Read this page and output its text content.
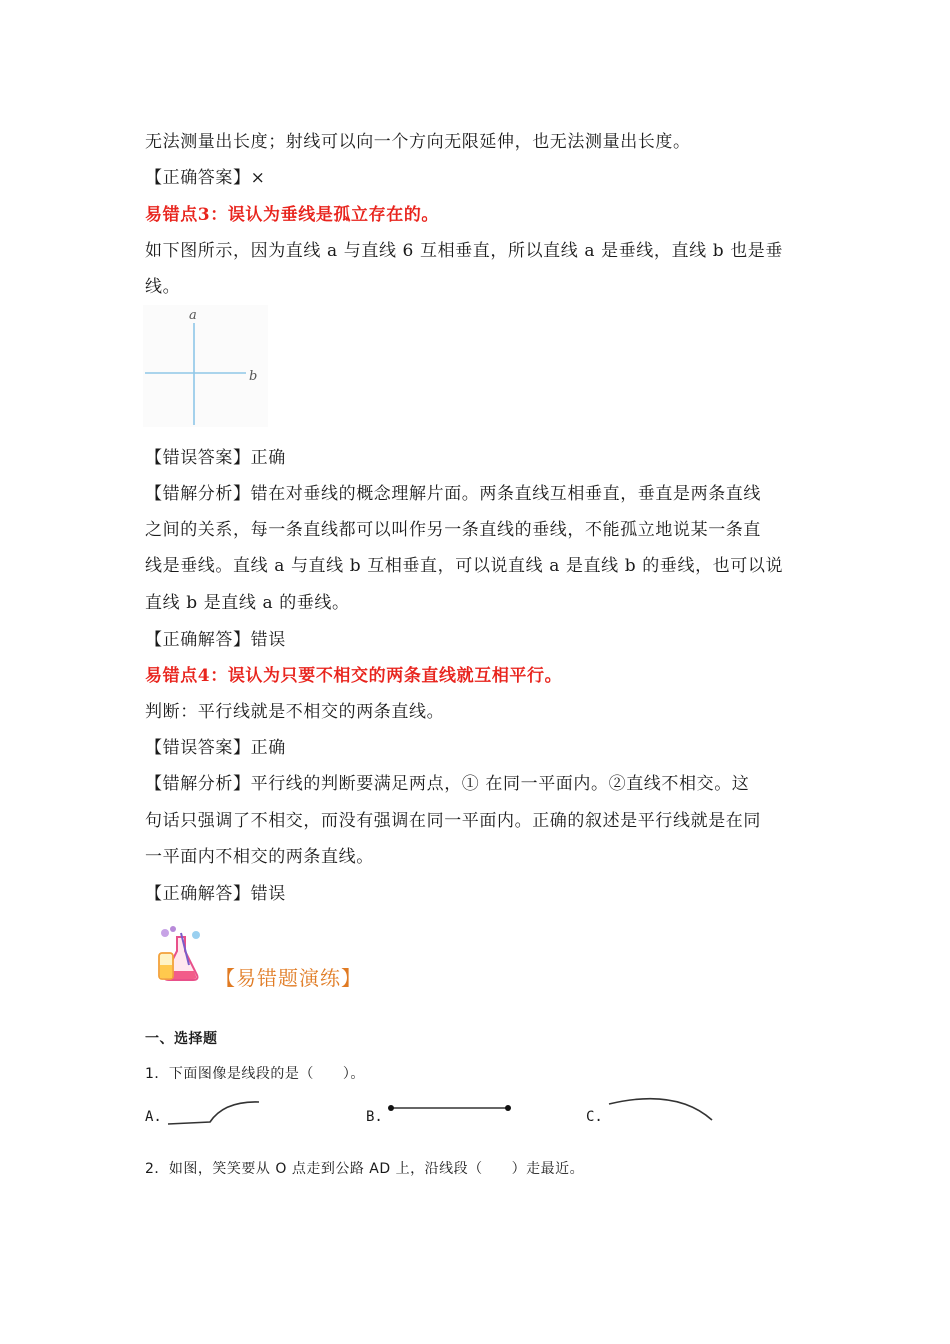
无法测量出长度；射线可以向一个方向无限延伸，也无法测量出长度。
【正确答案】×
易错点3：误认为垂线是孤立存在的。
如下图所示，因为直线 a 与直线 6 互相垂直，所以直线 a 是垂线，直线 b 也是垂
线。
a
b
【错误答案】正确
【错解分析】错在对垂线的概念理解片面。两条直线互相垂直，垂直是两条直线
之间的关系，每一条直线都可以叫作另一条直线的垂线，不能孤立地说某一条直
线是垂线。直线 a 与直线 b 互相垂直，可以说直线 a 是直线 b 的垂线，也可以说
直线 b 是直线 a 的垂线。
【正确解答】错误
易错点4：误认为只要不相交的两条直线就互相平行。
判断：平行线就是不相交的两条直线。
【错误答案】正确
【错解分析】平行线的判断要满足两点，① 在同一平面内。②直线不相交。这
句话只强调了不相交，而没有强调在同一平面内。正确的叙述是平行线就是在同
一平面内不相交的两条直线。
【正确解答】错误
【易错题演练】
一、选择题
1．下面图像是线段的是（　　）。
A.	B.	C.
2．如图，笑笑要从 O 点走到公路 AD 上，沿线段（　　）走最近。
